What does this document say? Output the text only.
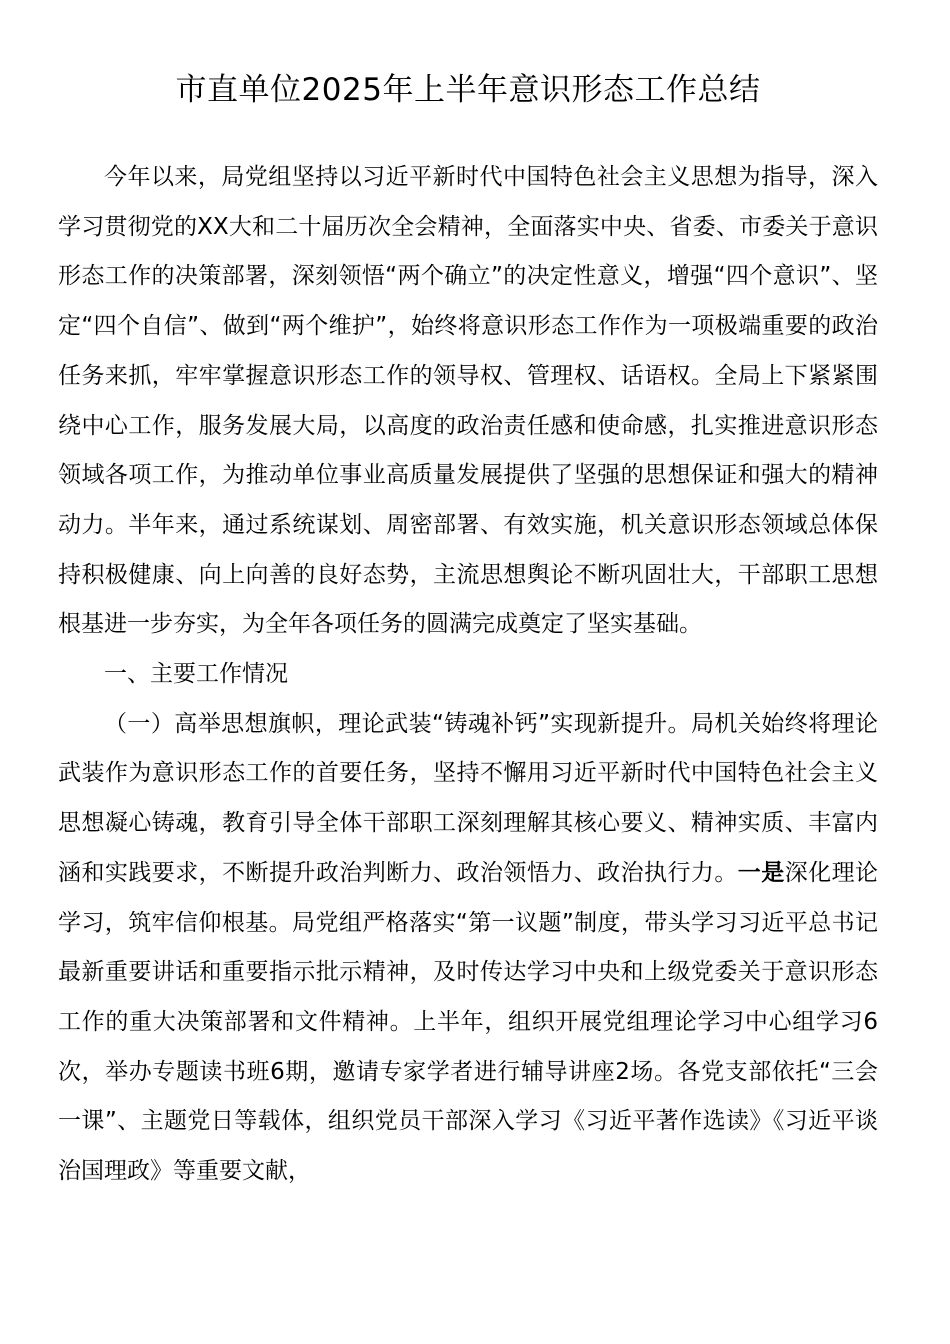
市直单位2025年上半年意识形态工作总结

今年以来，局党组坚持以习近平新时代中国特色社会主义思想为指导，深入学习贯彻党的XX大和二十届历次全会精神，全面落实中央、省委、市委关于意识形态工作的决策部署，深刻领悟“两个确立”的决定性意义，增强“四个意识”、坚定“四个自信”、做到“两个维护”，始终将意识形态工作作为一项极端重要的政治任务来抓，牢牢掌握意识形态工作的领导权、管理权、话语权。全局上下紧紧围绕中心工作，服务发展大局，以高度的政治责任感和使命感，扎实推进意识形态领域各项工作，为推动单位事业高质量发展提供了坚强的思想保证和强大的精神动力。半年来，通过系统谋划、周密部署、有效实施，机关意识形态领域总体保持积极健康、向上向善的良好态势，主流思想舆论不断巩固壮大，干部职工思想根基进一步夯实，为全年各项任务的圆满完成奠定了坚实基础。

一、主要工作情况

（一）高举思想旗帜，理论武装“铸魂补钙”实现新提升。局机关始终将理论武装作为意识形态工作的首要任务，坚持不懈用习近平新时代中国特色社会主义思想凝心铸魂，教育引导全体干部职工深刻理解其核心要义、精神实质、丰富内涵和实践要求，不断提升政治判断力、政治领悟力、政治执行力。一是深化理论学习，筑牢信仰根基。局党组严格落实“第一议题”制度，带头学习习近平总书记最新重要讲话和重要指示批示精神，及时传达学习中央和上级党委关于意识形态工作的重大决策部署和文件精神。上半年，组织开展党组理论学习中心组学习6次，举办专题读书班6期，邀请专家学者进行辅导讲座2场。各党支部依托“三会一课”、主题党日等载体，组织党员干部深入学习《习近平著作选读》《习近平谈治国理政》等重要文献，
